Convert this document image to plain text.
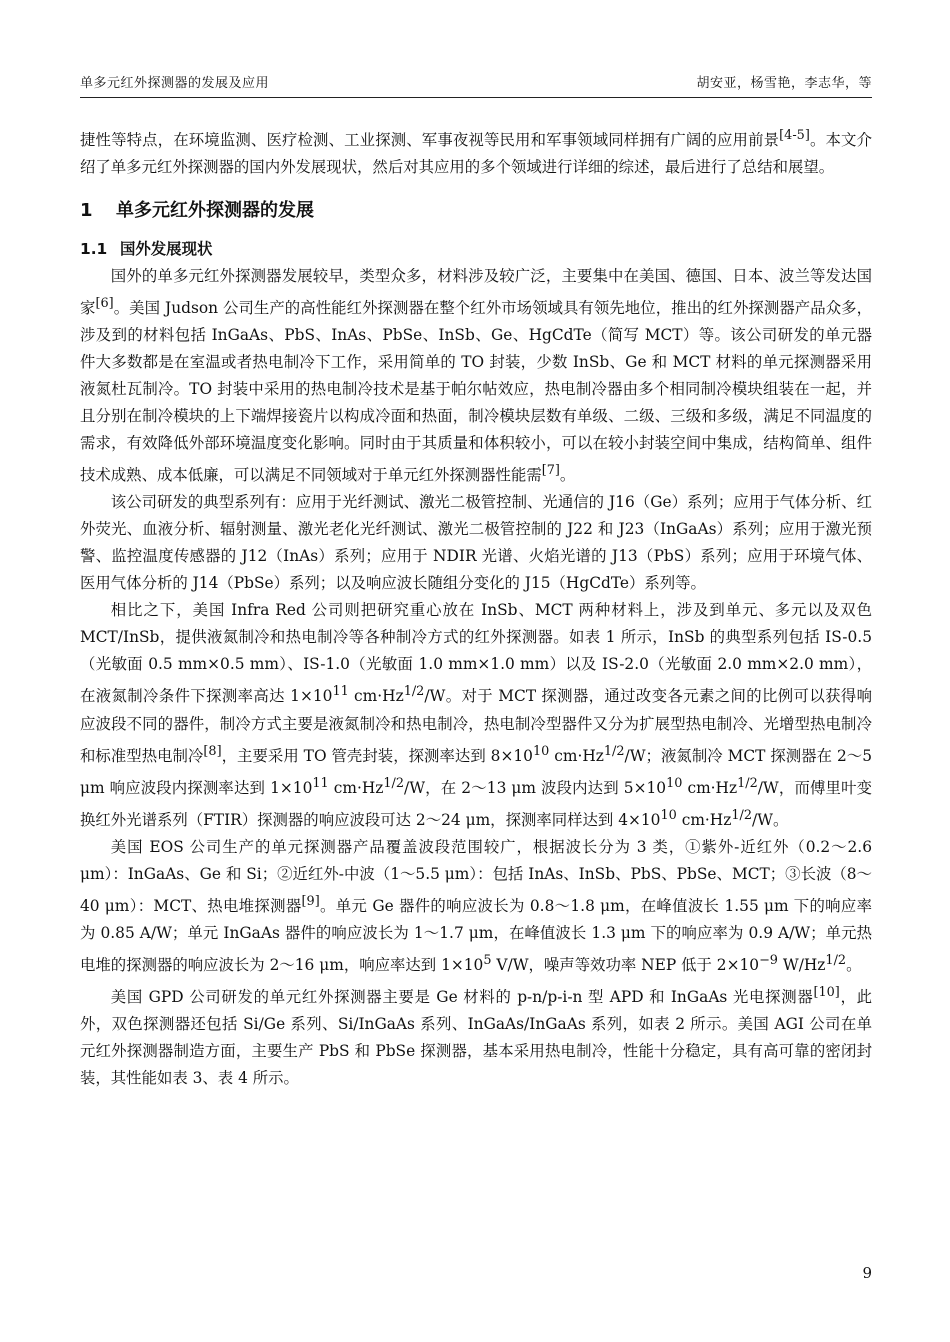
单多元红外探测器的发展及应用	胡安亚，杨雪艳，李志华，等

捷性等特点，在环境监测、医疗检测、工业探测、军事夜视等民用和军事领域同样拥有广阔的应用前景[4-5]。本文介绍了单多元红外探测器的国内外发展现状，然后对其应用的多个领域进行详细的综述，最后进行了总结和展望。

1 单多元红外探测器的发展
1.1 国外发展现状

国外的单多元红外探测器发展较早，类型众多，材料涉及较广泛，主要集中在美国、德国、日本、波兰等发达国家[6]。美国 Judson 公司生产的高性能红外探测器在整个红外市场领域具有领先地位，推出的红外探测器产品众多，涉及到的材料包括 InGaAs、PbS、InAs、PbSe、InSb、Ge、HgCdTe（简写 MCT）等。该公司研发的单元器件大多数都是在室温或者热电制冷下工作，采用简单的 TO 封装，少数 InSb、Ge 和 MCT 材料的单元探测器采用液氮杜瓦制冷。TO 封装中采用的热电制冷技术是基于帕尔帖效应，热电制冷器由多个相同制冷模块组装在一起，并且分别在制冷模块的上下端焊接瓷片以构成冷面和热面，制冷模块层数有单级、二级、三级和多级，满足不同温度的需求，有效降低外部环境温度变化影响。同时由于其质量和体积较小，可以在较小封装空间中集成，结构简单、组件技术成熟、成本低廉，可以满足不同领域对于单元红外探测器性能需[7]。

该公司研发的典型系列有：应用于光纤测试、激光二极管控制、光通信的 J16（Ge）系列；应用于气体分析、红外荧光、血液分析、辐射测量、激光老化光纤测试、激光二极管控制的 J22 和 J23（InGaAs）系列；应用于激光预警、监控温度传感器的 J12（InAs）系列；应用于 NDIR 光谱、火焰光谱的 J13（PbS）系列；应用于环境气体、医用气体分析的 J14（PbSe）系列；以及响应波长随组分变化的 J15（HgCdTe）系列等。

相比之下，美国 Infra Red 公司则把研究重心放在 InSb、MCT 两种材料上，涉及到单元、多元以及双色 MCT/InSb，提供液氮制冷和热电制冷等各种制冷方式的红外探测器。如表 1 所示，InSb 的典型系列包括 IS-0.5（光敏面 0.5 mm×0.5 mm）、IS-1.0（光敏面 1.0 mm×1.0 mm）以及 IS-2.0（光敏面 2.0 mm×2.0 mm），在液氮制冷条件下探测率高达 $1\times 10^{11}$ $cm\cdot Hz^{1/2}/W$。对于 MCT 探测器，通过改变各元素之间的比例可以获得响应波段不同的器件，制冷方式主要是液氮制冷和热电制冷，热电制冷型器件又分为扩展型热电制冷、光增型热电制冷和标准型热电制冷[8]，主要采用 TO 管壳封装，探测率达到 $8\times 10^{10}$ $cm\cdot Hz^{1/2}/W$；液氮制冷 MCT 探测器在 2～5 μm 响应波段内探测率达到 $1\times 10^{11}$ $cm\cdot Hz^{1/2}/W$，在 2～13 μm 波段内达到 $5\times 10^{10}$ $cm\cdot Hz^{1/2}/W$，而傅里叶变换红外光谱系列（FTIR）探测器的响应波段可达 2～24 μm，探测率同样达到 $4\times 10^{10}$ $cm\cdot Hz^{1/2}/W$。

美国 EOS 公司生产的单元探测器产品覆盖波段范围较广，根据波长分为 3 类，①紫外-近红外（0.2～2.6 μm）：InGaAs、Ge 和 Si；②近红外-中波（1～5.5 μm）：包括 InAs、InSb、PbS、PbSe、MCT；③长波（8～40 μm）：MCT、热电堆探测器[9]。单元 Ge 器件的响应波长为 0.8～1.8 μm，在峰值波长 1.55 μm 下的响应率为 0.85 A/W；单元 InGaAs 器件的响应波长为 1～1.7 μm，在峰值波长 1.3 μm 下的响应率为 0.9 A/W；单元热电堆的探测器的响应波长为 2～16 μm，响应率达到 $1\times 10^5$ V/W，噪声等效功率 NEP 低于 $2\times 10^{-9}$ $W/Hz^{1/2}$。

美国 GPD 公司研发的单元红外探测器主要是 Ge 材料的 p-n/p-i-n 型 APD 和 InGaAs 光电探测器[10]，此外，双色探测器还包括 Si/Ge 系列、Si/InGaAs 系列、InGaAs/InGaAs 系列，如表 2 所示。美国 AGI 公司在单元红外探测器制造方面，主要生产 PbS 和 PbSe 探测器，基本采用热电制冷，性能十分稳定，具有高可靠的密闭封装，其性能如表 3、表 4 所示。

9
